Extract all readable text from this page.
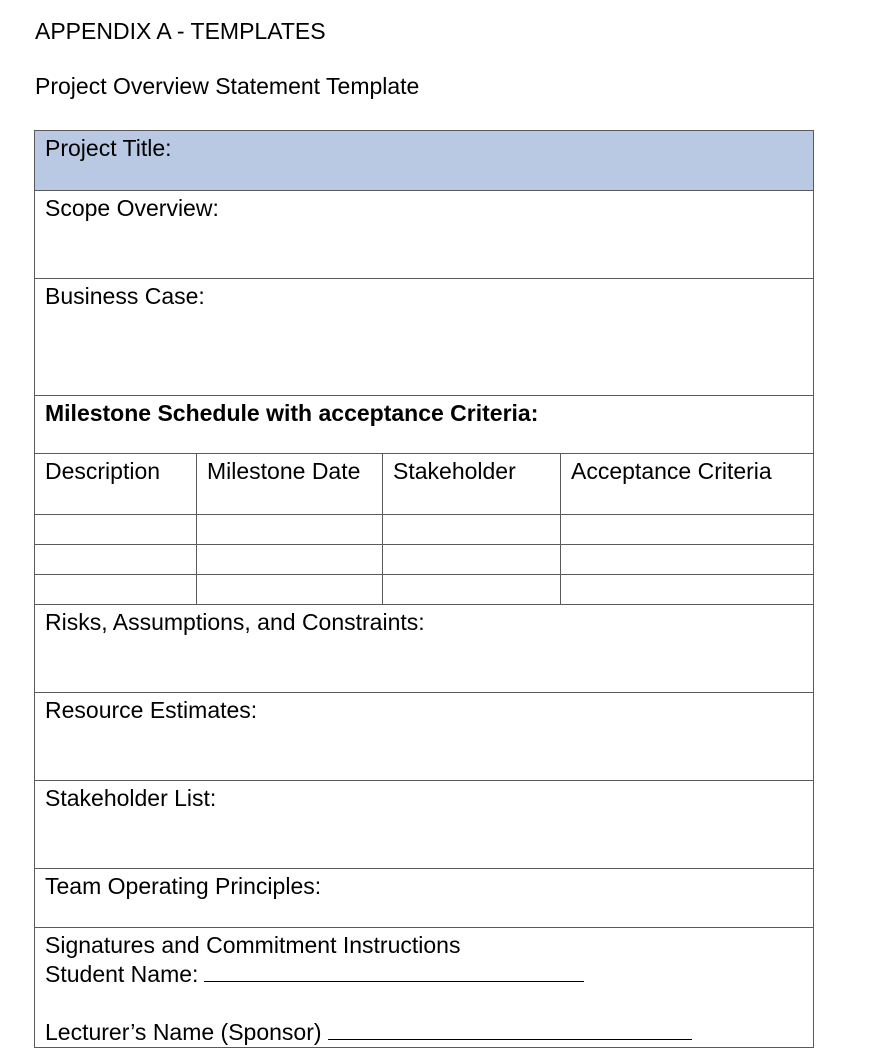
APPENDIX A - TEMPLATES
Project Overview Statement Template
Project Title:			
Scope Overview:			
Business Case:			
Milestone Schedule with acceptance Criteria:			
Description	Milestone Date	Stakeholder	Acceptance Criteria

Risks, Assumptions, and Constraints:			
Resource Estimates:			
Stakeholder List:			
Team Operating Principles:			

Signatures and Commitment Instructions
Student Name:
Lecturer’s Name (Sponsor)			
